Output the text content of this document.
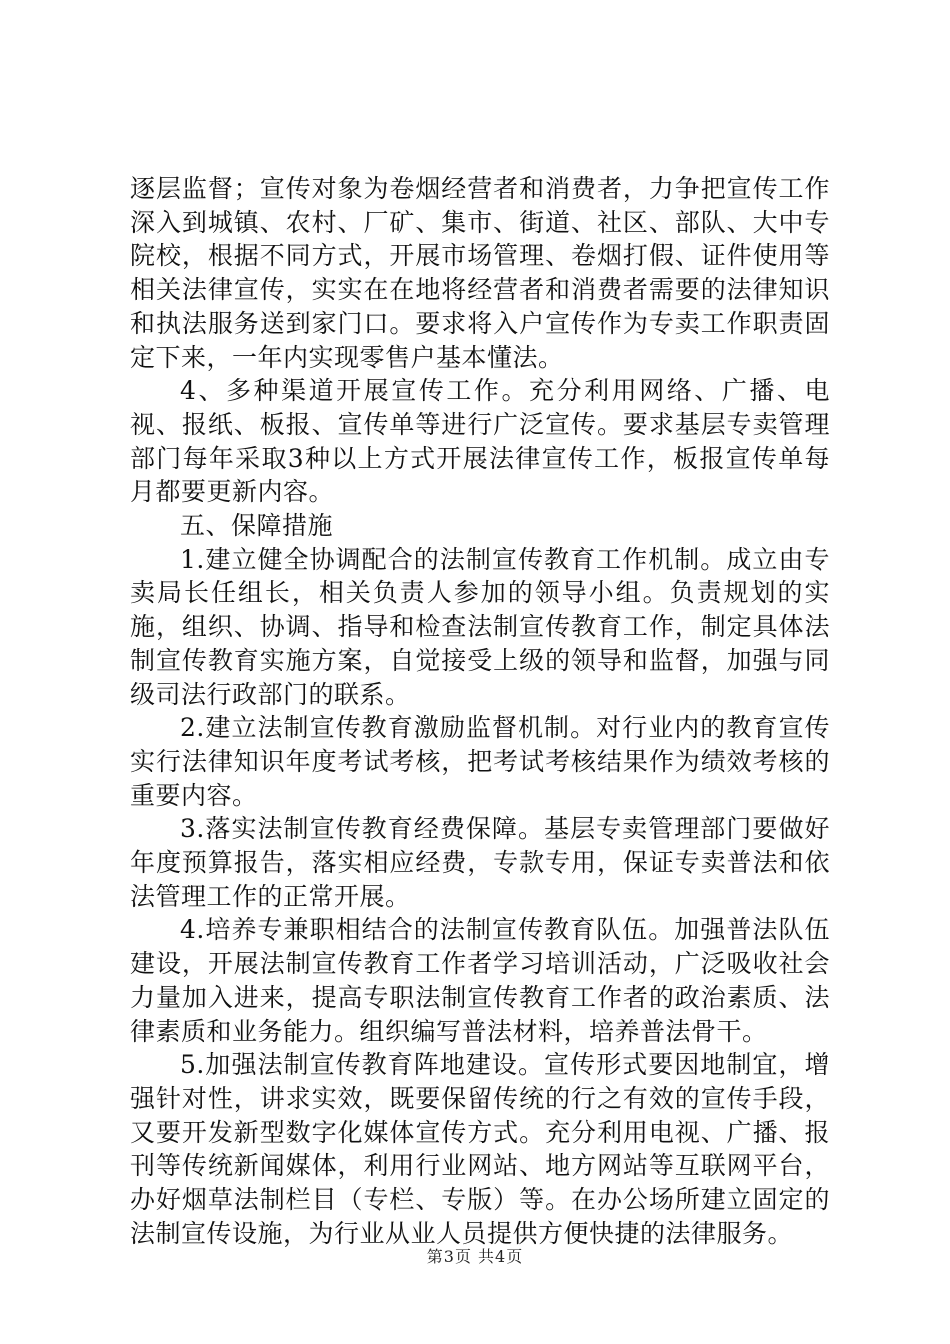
逐层监督；宣传对象为卷烟经营者和消费者，力争把宣传工作深入到城镇、农村、厂矿、集市、街道、社区、部队、大中专院校，根据不同方式，开展市场管理、卷烟打假、证件使用等相关法律宣传，实实在在地将经营者和消费者需要的法律知识和执法服务送到家门口。要求将入户宣传作为专卖工作职责固定下来，一年内实现零售户基本懂法。

4、多种渠道开展宣传工作。充分利用网络、广播、电视、报纸、板报、宣传单等进行广泛宣传。要求基层专卖管理部门每年采取3种以上方式开展法律宣传工作，板报宣传单每月都要更新内容。

五、保障措施

1.建立健全协调配合的法制宣传教育工作机制。成立由专卖局长任组长，相关负责人参加的领导小组。负责规划的实施，组织、协调、指导和检查法制宣传教育工作，制定具体法制宣传教育实施方案，自觉接受上级的领导和监督，加强与同级司法行政部门的联系。

2.建立法制宣传教育激励监督机制。对行业内的教育宣传实行法律知识年度考试考核，把考试考核结果作为绩效考核的重要内容。

3.落实法制宣传教育经费保障。基层专卖管理部门要做好年度预算报告，落实相应经费，专款专用，保证专卖普法和依法管理工作的正常开展。

4.培养专兼职相结合的法制宣传教育队伍。加强普法队伍建设，开展法制宣传教育工作者学习培训活动，广泛吸收社会力量加入进来，提高专职法制宣传教育工作者的政治素质、法律素质和业务能力。组织编写普法材料，培养普法骨干。

5.加强法制宣传教育阵地建设。宣传形式要因地制宜，增强针对性，讲求实效，既要保留传统的行之有效的宣传手段，又要开发新型数字化媒体宣传方式。充分利用电视、广播、报刊等传统新闻媒体，利用行业网站、地方网站等互联网平台，办好烟草法制栏目（专栏、专版）等。在办公场所建立固定的法制宣传设施，为行业从业人员提供方便快捷的法律服务。

第3页 共4页
